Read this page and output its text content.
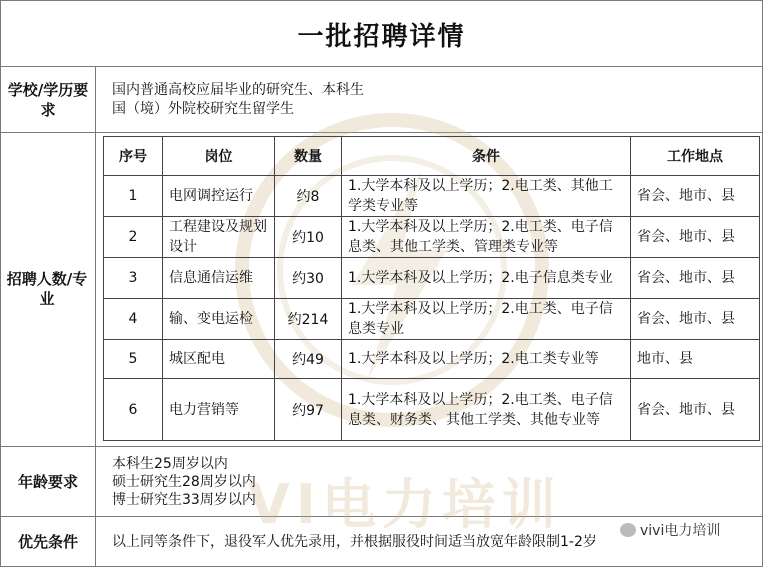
VI电力培训
一批招聘详情
学校/学历要求
国内普通高校应届毕业的研究生、本科生
国（境）外院校研究生留学生
招聘人数/专业
序号	岗位	数量	条件	工作地点
1	电网调控运行	约8	1.大学本科及以上学历；2.电工类、其他工学类专业等	省会、地市、县
2	工程建设及规划设计	约10	1.大学本科及以上学历；2.电工类、电子信息类、其他工学类、管理类专业等	省会、地市、县
3	信息通信运维	约30	1.大学本科及以上学历；2.电子信息类专业	省会、地市、县
4	输、变电运检	约214	1.大学本科及以上学历；2.电工类、电子信息类专业	省会、地市、县
5	城区配电	约49	1.大学本科及以上学历；2.电工类专业等	地市、县
6	电力营销等	约97	1.大学本科及以上学历；2.电工类、电子信息类、财务类、其他工学类、其他专业等	省会、地市、县
年龄要求
本科生25周岁以内
硕士研究生28周岁以内
博士研究生33周岁以内
优先条件	以上同等条件下，退役军人优先录用，并根据服役时间适当放宽年龄限制1-2岁
vivi电力培训
